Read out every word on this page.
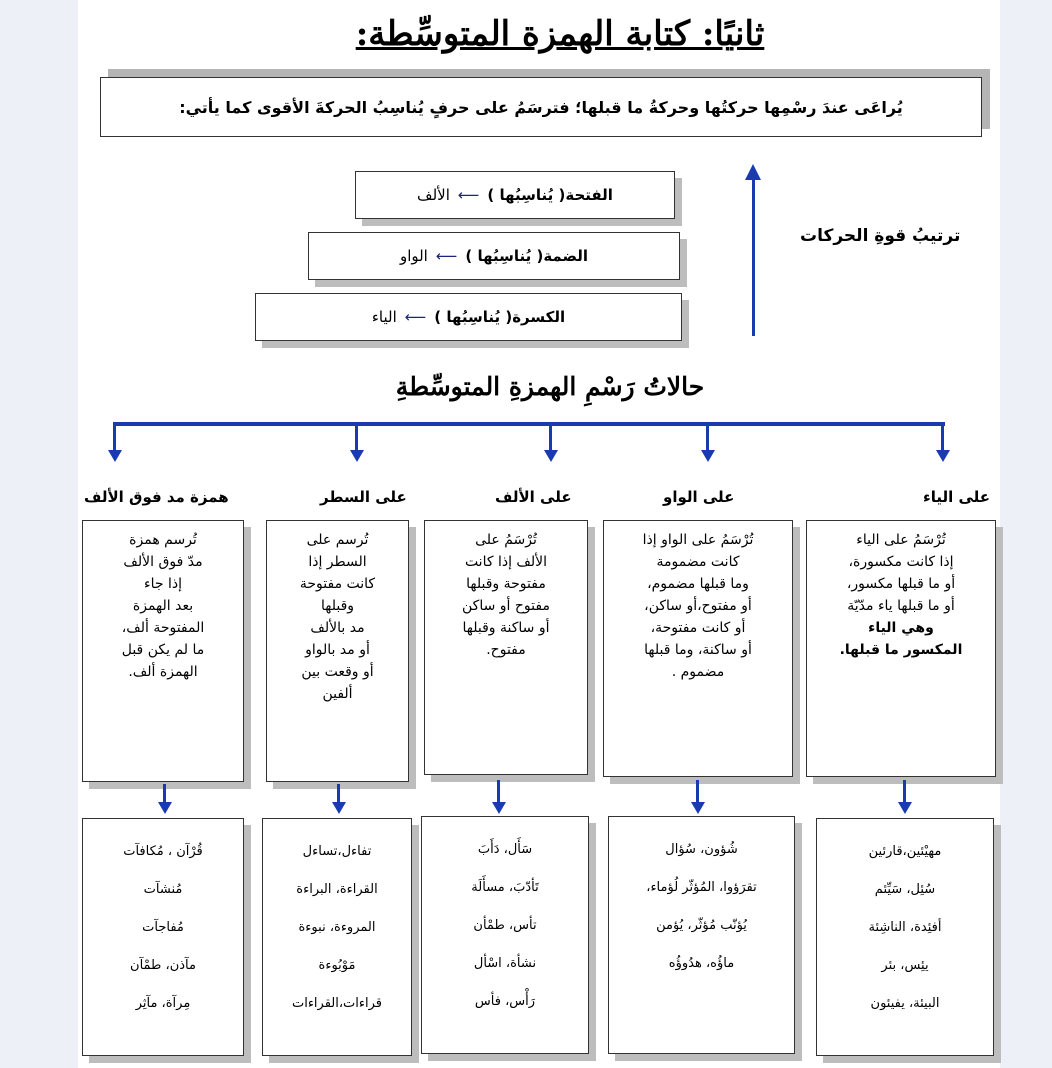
ثانيًا: كتابة الهمزة المتوسِّطة:
يُراعَى عندَ رسْمِها حركتُها وحركةُ ما قبلها؛ فترسَمُ على حرفٍ يُناسِبُ الحركةَ الأقوى كما يأتي:
الفتحة( يُناسِبُها )
⟵
الألف
الضمة( يُناسِبُها )
⟵
الواو
الكسرة( يُناسِبُها )
⟵
الياء
ترتيبُ قوةِ الحركات
حالاتُ رَسْمِ الهمزةِ المتوسِّطةِ
على الياء
على الواو
على الألف
على السطر
همزة مد فوق الألف
تُرْسَمُ على الياء
إذا كانت مكسورة،
أو ما قبلها مكسور،
أو ما قبلها ياء مدّيّة
وهي الياء
المكسور ما قبلها.
تُرْسَمُ على الواو إذا
كانت مضمومة
وما قبلها مضموم،
أو مفتوح،أو ساكن،
أو كانت مفتوحة،
أو ساكنة، وما قبلها
مضموم .
تُرْسَمُ على
الألف إذا كانت
مفتوحة وقبلها
مفتوح أو ساكن
أو ساكنة وقبلها
مفتوح.
تُرسم على
السطر إذا
كانت مفتوحة
وقبلها
مد بالألف
أو مد بالواو
أو وقعت بين
ألفين
تُرسم همزة
مدّ فوق الألف
إذا جاء
بعد الهمزة
المفتوحة ألف،
ما لم يكن قبل
الهمزة ألف.
مهيْئين،قارئين
سُئِل، سَيِّئم
أفئِدة، الناشِئة
يئِس، بئر
البيئة، يفيئون
شُؤون، سُؤال
تقرَؤوا، المُؤثّر لُؤماء،
يُؤنّب مُؤثّر، يُؤمن
ماؤُه، هدُوؤُه
سَأَل، دَأَبَ
تَأدّبَ، مسأَلَة
تأس، طمْأن
نشأة، اسْأل
رَأْس، فأس
تفاءل،تساءل
القراءة، البراءة
المروءة، نبوءة
مَوْبُوءة
قراءات،القراءات
قُرْآن ، مُكافآت
مُنشآت
مُفاجآت
مآذن، طمْآن
مِرآة، مآثِر
